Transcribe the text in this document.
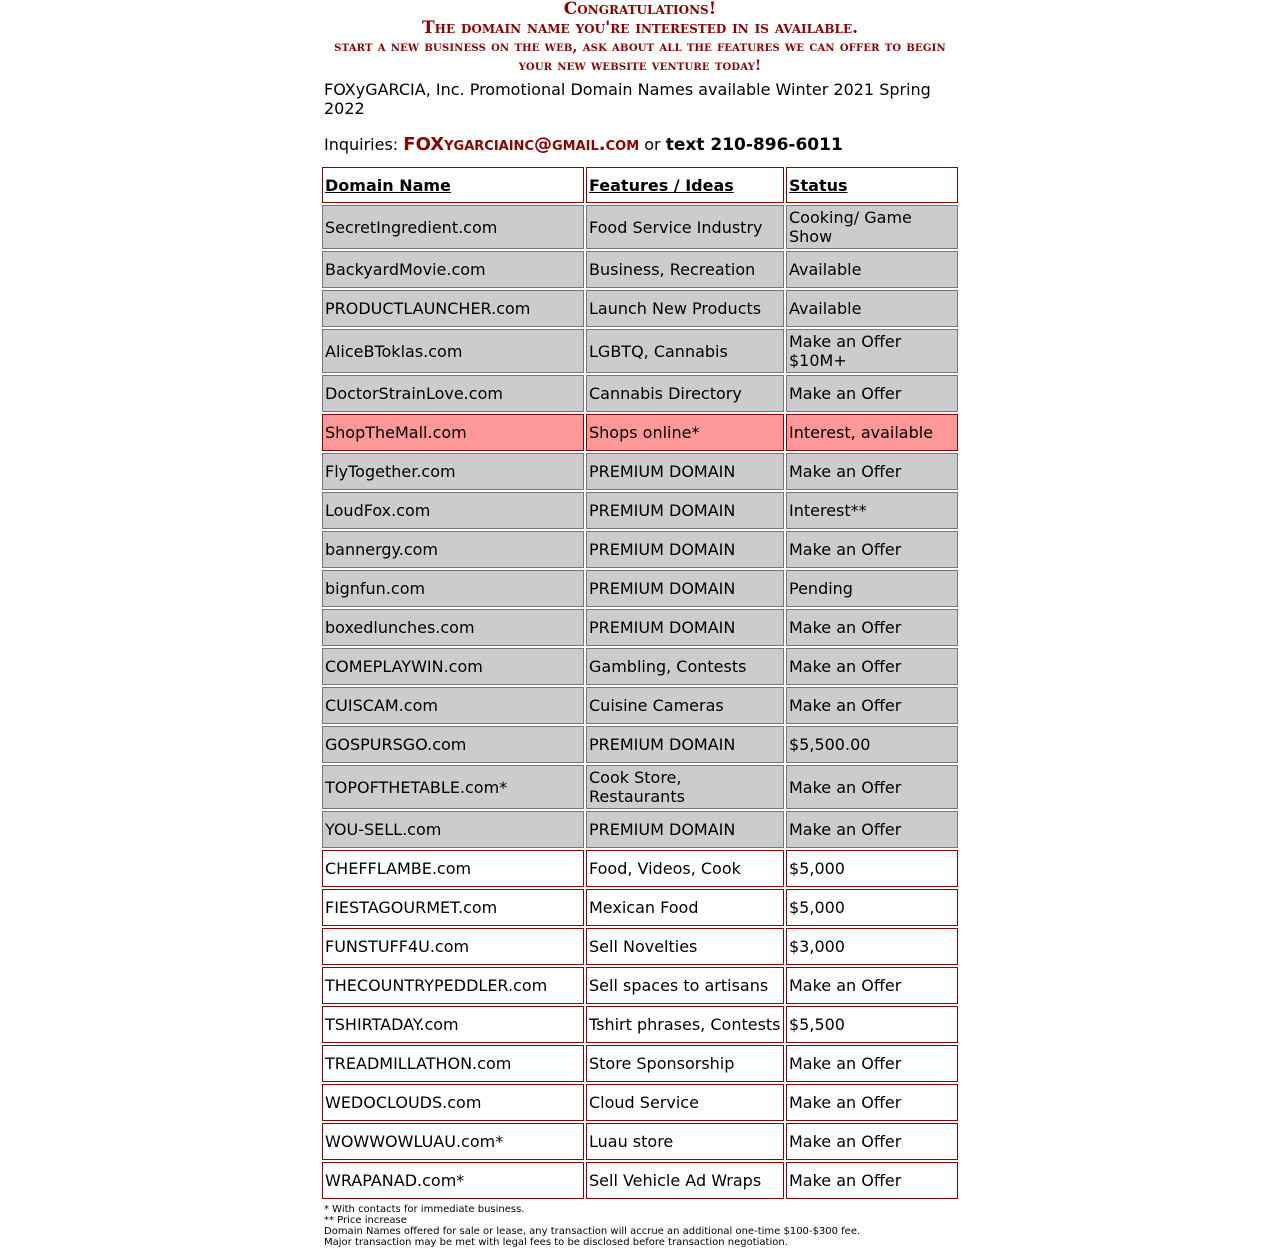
Congratulations!
The domain name you're interested in is available.
start a new business on the web, ask about all the features we can offer to begin your new website venture today!
FOXyGARCIA, Inc. Promotional Domain Names available Winter 2021 Spring 2022
Inquiries: FOXygarciainc@gmail.com or text 210-896-6011
Domain Name	Features / Ideas	Status
SecretIngredient.com	Food Service Industry	Cooking/ Game Show
BackyardMovie.com	Business, Recreation	Available
PRODUCTLAUNCHER.com	Launch New Products	Available
AliceBToklas.com	LGBTQ, Cannabis	Make an Offer $10M+
DoctorStrainLove.com	Cannabis Directory	Make an Offer
ShopTheMall.com	Shops online*	Interest, available
FlyTogether.com	PREMIUM DOMAIN	Make an Offer
LoudFox.com	PREMIUM DOMAIN	Interest**
bannergy.com	PREMIUM DOMAIN	Make an Offer
bignfun.com	PREMIUM DOMAIN	Pending
boxedlunches.com	PREMIUM DOMAIN	Make an Offer
COMEPLAYWIN.com	Gambling, Contests	Make an Offer
CUISCAM.com	Cuisine Cameras	Make an Offer
GOSPURSGO.com	PREMIUM DOMAIN	$5,500.00
TOPOFTHETABLE.com*	Cook Store, Restaurants	Make an Offer
YOU-SELL.com	PREMIUM DOMAIN	Make an Offer
CHEFFLAMBE.com	Food, Videos, Cook	$5,000
FIESTAGOURMET.com	Mexican Food	$5,000
FUNSTUFF4U.com	Sell Novelties	$3,000
THECOUNTRYPEDDLER.com	Sell spaces to artisans	Make an Offer
TSHIRTADAY.com	Tshirt phrases, Contests	$5,500
TREADMILLATHON.com	Store Sponsorship	Make an Offer
WEDOCLOUDS.com	Cloud Service	Make an Offer
WOWWOWLUAU.com*	Luau store	Make an Offer
WRAPANAD.com*	Sell Vehicle Ad Wraps	Make an Offer
* With contacts for immediate business.
** Price increase
Domain Names offered for sale or lease, any transaction will accrue an additional one-time $100-$300 fee.
Major transaction may be met with legal fees to be disclosed before transaction negotiation.
